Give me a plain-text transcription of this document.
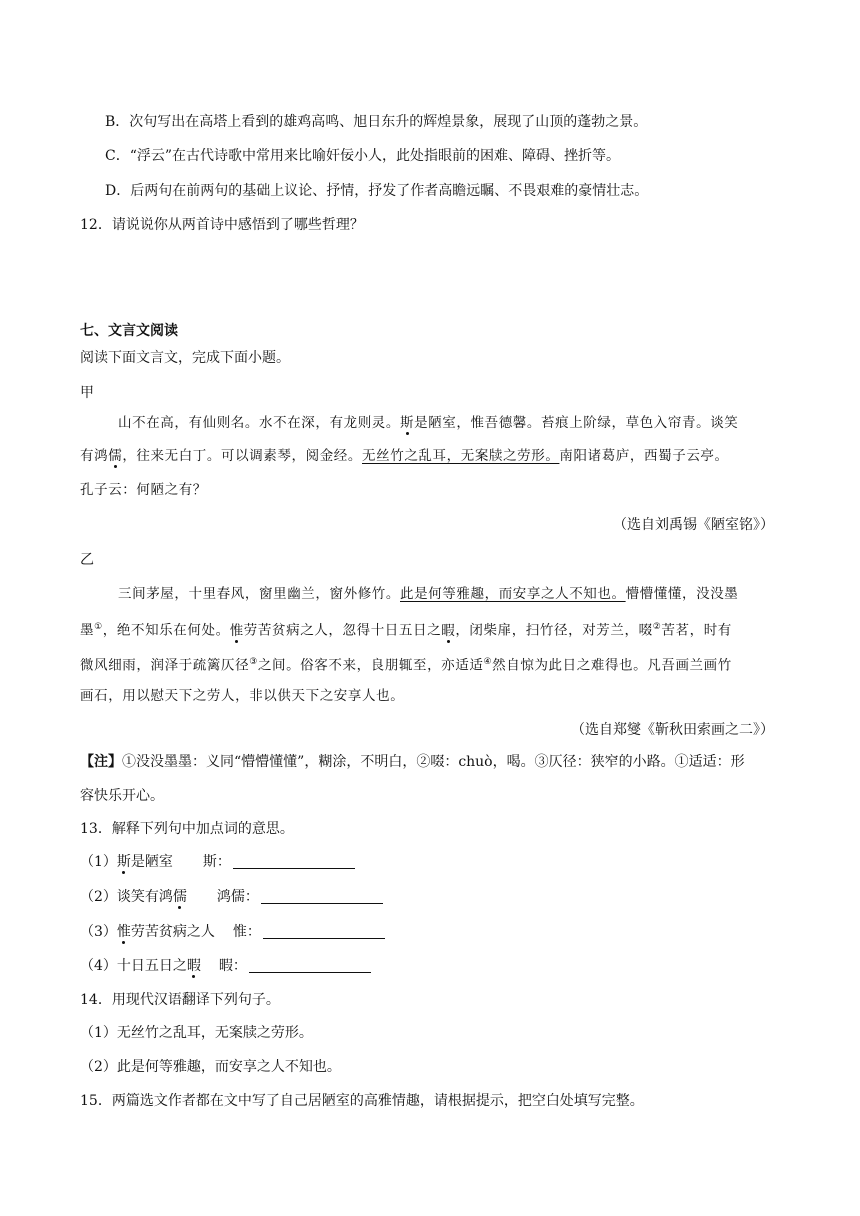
B．次句写出在高塔上看到的雄鸡高鸣、旭日东升的辉煌景象，展现了山顶的蓬勃之景。
C．“浮云”在古代诗歌中常用来比喻奸佞小人，此处指眼前的困难、障碍、挫折等。
D．后两句在前两句的基础上议论、抒情，抒发了作者高瞻远瞩、不畏艰难的豪情壮志。
12．请说说你从两首诗中感悟到了哪些哲理？
七、文言文阅读
阅读下面文言文，完成下面小题。
甲
山不在高，有仙则名。水不在深，有龙则灵。斯是陋室，惟吾德馨。苔痕上阶绿，草色入帘青。谈笑
有鸿儒，往来无白丁。可以调素琴，阅金经。无丝竹之乱耳，无案牍之劳形。南阳诸葛庐，西蜀子云亭。
孔子云：何陋之有？
（选自刘禹锡《陋室铭》）
乙
三间茅屋，十里春风，窗里幽兰，窗外修竹。此是何等雅趣，而安享之人不知也。懵懵懂懂，没没墨
墨①，绝不知乐在何处。惟劳苦贫病之人，忽得十日五日之暇，闭柴扉，扫竹径，对芳兰，啜②苦茗，时有
微风细雨，润泽于疏篱仄径③之间。俗客不来，良朋辄至，亦适适④然自惊为此日之难得也。凡吾画兰画竹
画石，用以慰天下之劳人，非以供天下之安享人也。
（选自郑燮《靳秋田索画之二》）
【注】①没没墨墨：义同“懵懵懂懂”，糊涂，不明白，②啜：chuò，喝。③仄径：狭窄的小路。①适适：形
容快乐开心。
13．解释下列句中加点词的意思。
（1）斯是陋室 斯：
（2）谈笑有鸿儒 鸿儒：
（3）惟劳苦贫病之人 惟：
（4）十日五日之暇 暇：
14．用现代汉语翻译下列句子。
（1）无丝竹之乱耳，无案牍之劳形。
（2）此是何等雅趣，而安享之人不知也。
15．两篇选文作者都在文中写了自己居陋室的高雅情趣，请根据提示，把空白处填写完整。
